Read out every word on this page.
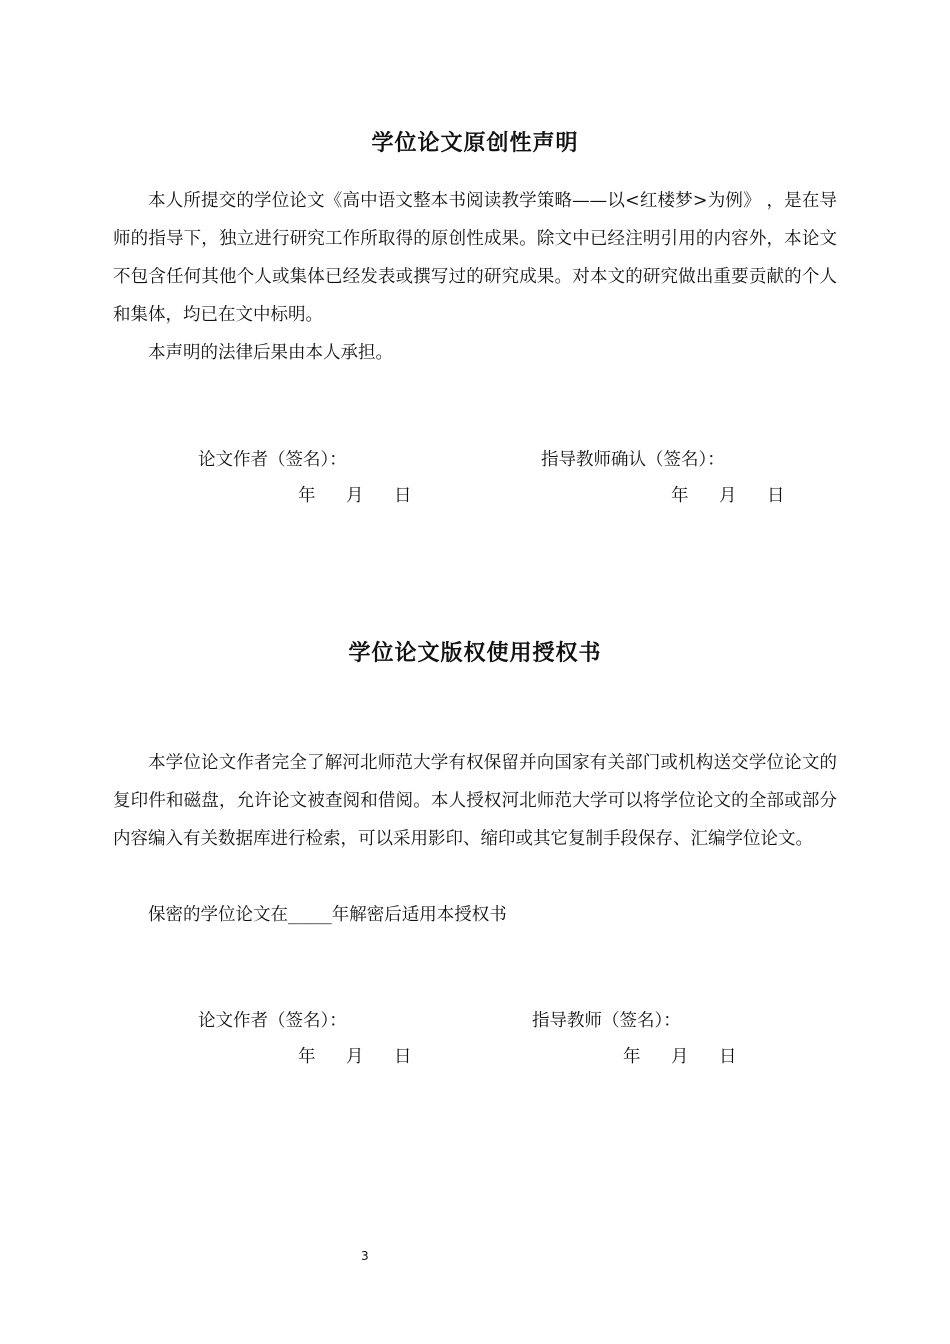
学位论文原创性声明
本人所提交的学位论文《高中语文整本书阅读教学策略——以<红楼梦>为例》 ，是在导师的指导下，独立进行研究工作所取得的原创性成果。除文中已经注明引用的内容外，本论文不包含任何其他个人或集体已经发表或撰写过的研究成果。对本文的研究做出重要贡献的个人和集体，均已在文中标明。
本声明的法律后果由本人承担。
论文作者（签名）：	指导教师确认（签名）：
年 月 日	年 月 日
学位论文版权使用授权书
本学位论文作者完全了解河北师范大学有权保留并向国家有关部门或机构送交学位论文的复印件和磁盘，允许论文被查阅和借阅。本人授权河北师范大学可以将学位论文的全部或部分内容编入有关数据库进行检索，可以采用影印、缩印或其它复制手段保存、汇编学位论文。
保密的学位论文在_____年解密后适用本授权书
论文作者（签名）：	指导教师（签名）：
年 月 日	年 月 日
3
